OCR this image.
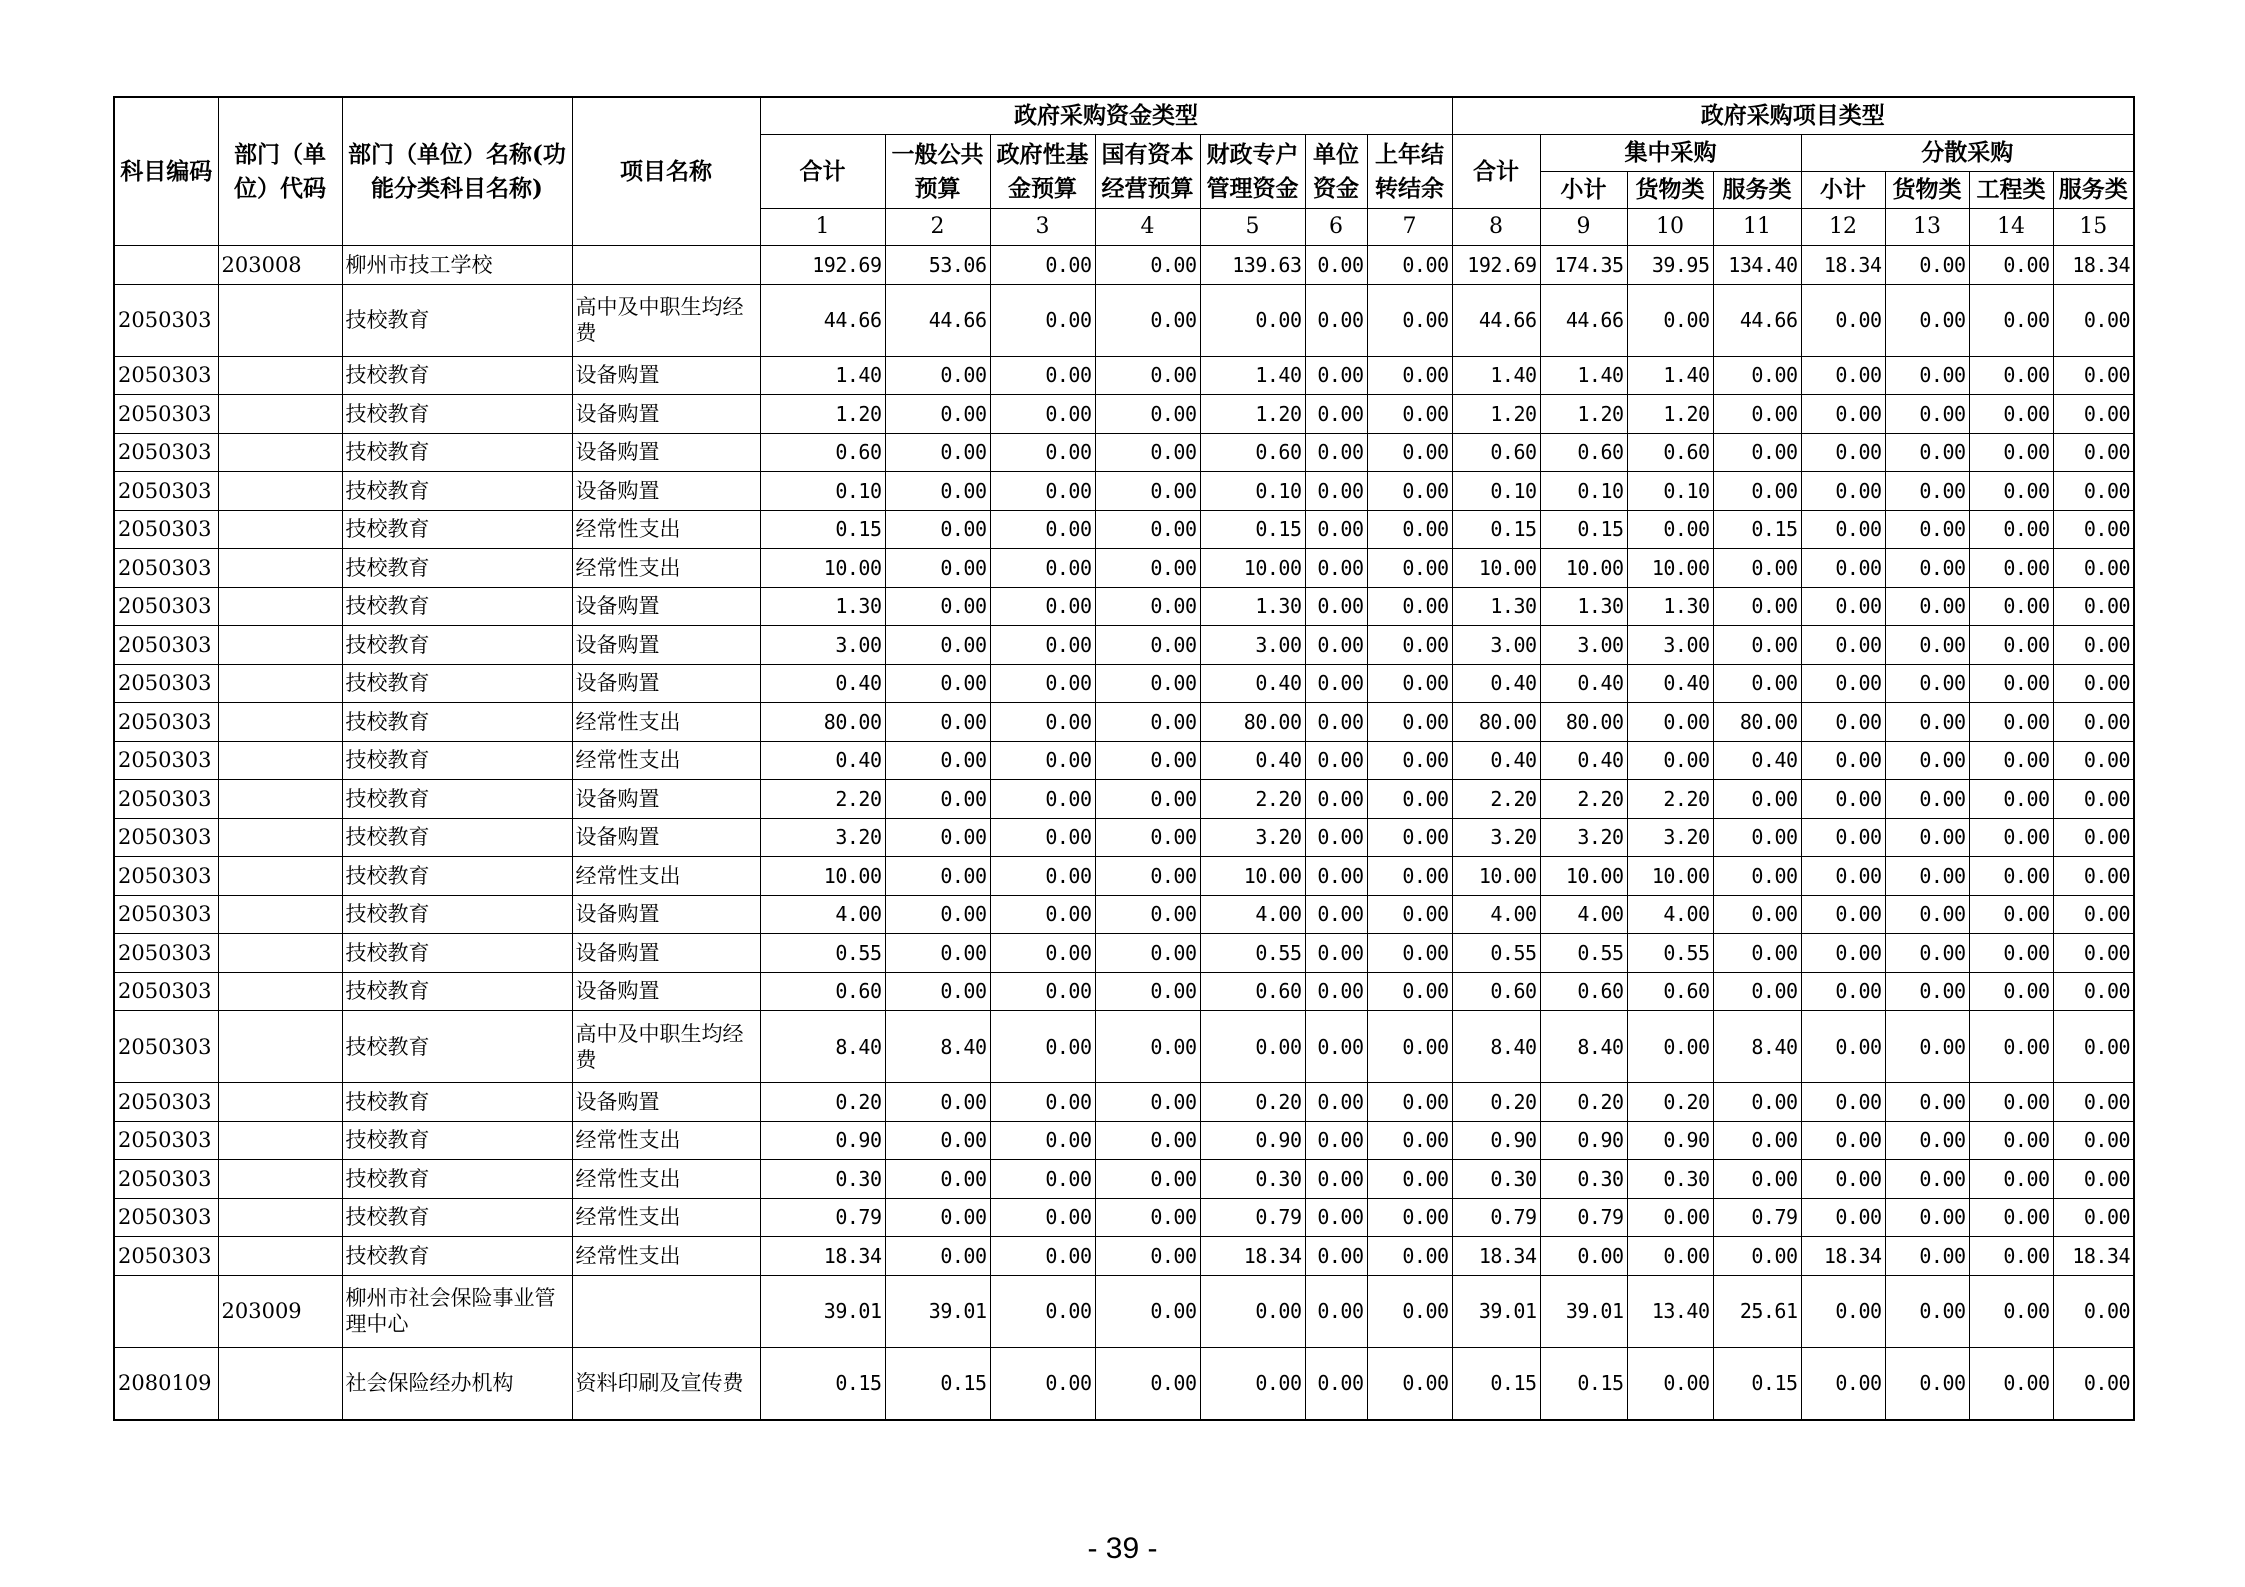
科目编码	部门（单位）代码	部门（单位）名称(功能分类科目名称)	项目名称	政府采购资金类型							政府采购项目类型							
				合计	一般公共预算	政府性基金预算	国有资本经营预算	财政专户管理资金	单位资金	上年结转结余	合计	集中采购			分散采购			
												小计	货物类	服务类	小计	货物类	工程类	服务类
				1	2	3	4	5	6	7	8	9	10	11	12	13	14	15
	203008	柳州市技工学校		192.69	53.06	0.00	0.00	139.63	0.00	0.00	192.69	174.35	39.95	134.40	18.34	0.00	0.00	18.34
2050303		技校教育	高中及中职生均经费	44.66	44.66	0.00	0.00	0.00	0.00	0.00	44.66	44.66	0.00	44.66	0.00	0.00	0.00	0.00
2050303		技校教育	设备购置	1.40	0.00	0.00	0.00	1.40	0.00	0.00	1.40	1.40	1.40	0.00	0.00	0.00	0.00	0.00
2050303		技校教育	设备购置	1.20	0.00	0.00	0.00	1.20	0.00	0.00	1.20	1.20	1.20	0.00	0.00	0.00	0.00	0.00
2050303		技校教育	设备购置	0.60	0.00	0.00	0.00	0.60	0.00	0.00	0.60	0.60	0.60	0.00	0.00	0.00	0.00	0.00
2050303		技校教育	设备购置	0.10	0.00	0.00	0.00	0.10	0.00	0.00	0.10	0.10	0.10	0.00	0.00	0.00	0.00	0.00
2050303		技校教育	经常性支出	0.15	0.00	0.00	0.00	0.15	0.00	0.00	0.15	0.15	0.00	0.15	0.00	0.00	0.00	0.00
2050303		技校教育	经常性支出	10.00	0.00	0.00	0.00	10.00	0.00	0.00	10.00	10.00	10.00	0.00	0.00	0.00	0.00	0.00
2050303		技校教育	设备购置	1.30	0.00	0.00	0.00	1.30	0.00	0.00	1.30	1.30	1.30	0.00	0.00	0.00	0.00	0.00
2050303		技校教育	设备购置	3.00	0.00	0.00	0.00	3.00	0.00	0.00	3.00	3.00	3.00	0.00	0.00	0.00	0.00	0.00
2050303		技校教育	设备购置	0.40	0.00	0.00	0.00	0.40	0.00	0.00	0.40	0.40	0.40	0.00	0.00	0.00	0.00	0.00
2050303		技校教育	经常性支出	80.00	0.00	0.00	0.00	80.00	0.00	0.00	80.00	80.00	0.00	80.00	0.00	0.00	0.00	0.00
2050303		技校教育	经常性支出	0.40	0.00	0.00	0.00	0.40	0.00	0.00	0.40	0.40	0.00	0.40	0.00	0.00	0.00	0.00
2050303		技校教育	设备购置	2.20	0.00	0.00	0.00	2.20	0.00	0.00	2.20	2.20	2.20	0.00	0.00	0.00	0.00	0.00
2050303		技校教育	设备购置	3.20	0.00	0.00	0.00	3.20	0.00	0.00	3.20	3.20	3.20	0.00	0.00	0.00	0.00	0.00
2050303		技校教育	经常性支出	10.00	0.00	0.00	0.00	10.00	0.00	0.00	10.00	10.00	10.00	0.00	0.00	0.00	0.00	0.00
2050303		技校教育	设备购置	4.00	0.00	0.00	0.00	4.00	0.00	0.00	4.00	4.00	4.00	0.00	0.00	0.00	0.00	0.00
2050303		技校教育	设备购置	0.55	0.00	0.00	0.00	0.55	0.00	0.00	0.55	0.55	0.55	0.00	0.00	0.00	0.00	0.00
2050303		技校教育	设备购置	0.60	0.00	0.00	0.00	0.60	0.00	0.00	0.60	0.60	0.60	0.00	0.00	0.00	0.00	0.00
2050303		技校教育	高中及中职生均经费	8.40	8.40	0.00	0.00	0.00	0.00	0.00	8.40	8.40	0.00	8.40	0.00	0.00	0.00	0.00
2050303		技校教育	设备购置	0.20	0.00	0.00	0.00	0.20	0.00	0.00	0.20	0.20	0.20	0.00	0.00	0.00	0.00	0.00
2050303		技校教育	经常性支出	0.90	0.00	0.00	0.00	0.90	0.00	0.00	0.90	0.90	0.90	0.00	0.00	0.00	0.00	0.00
2050303		技校教育	经常性支出	0.30	0.00	0.00	0.00	0.30	0.00	0.00	0.30	0.30	0.30	0.00	0.00	0.00	0.00	0.00
2050303		技校教育	经常性支出	0.79	0.00	0.00	0.00	0.79	0.00	0.00	0.79	0.79	0.00	0.79	0.00	0.00	0.00	0.00
2050303		技校教育	经常性支出	18.34	0.00	0.00	0.00	18.34	0.00	0.00	18.34	0.00	0.00	0.00	18.34	0.00	0.00	18.34
	203009	柳州市社会保险事业管理中心		39.01	39.01	0.00	0.00	0.00	0.00	0.00	39.01	39.01	13.40	25.61	0.00	0.00	0.00	0.00
2080109		社会保险经办机构	资料印刷及宣传费	0.15	0.15	0.00	0.00	0.00	0.00	0.00	0.15	0.15	0.00	0.15	0.00	0.00	0.00	0.00
- 39 -
